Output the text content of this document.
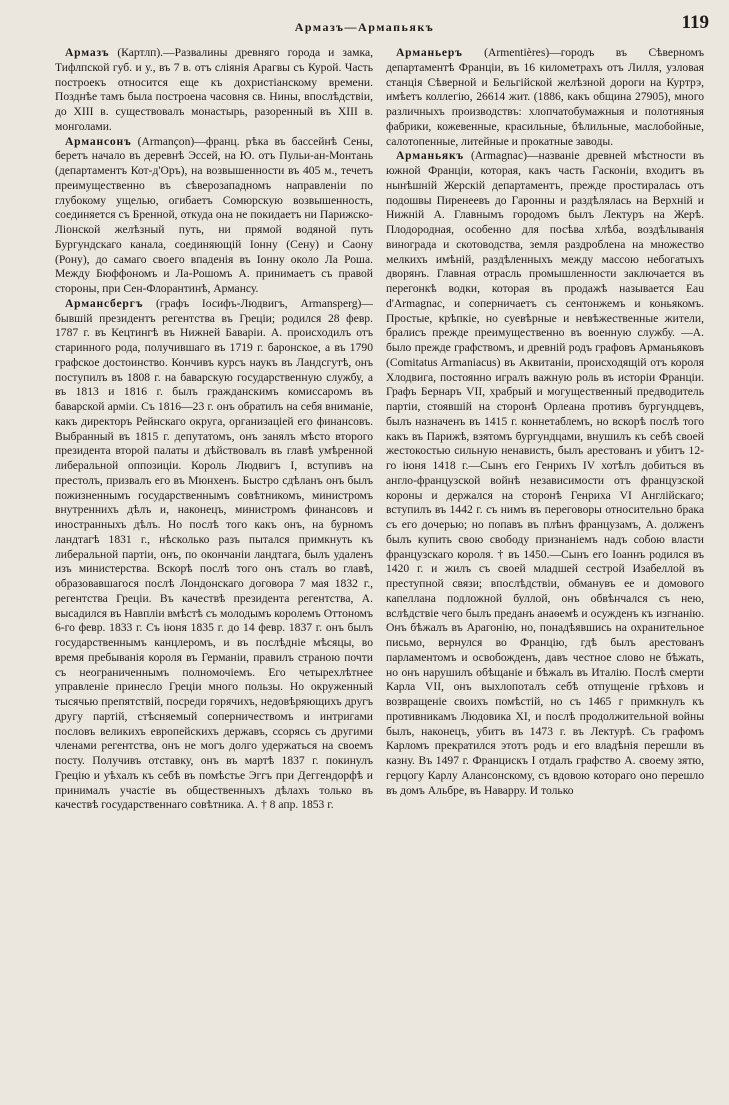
Армазъ—Армапьякъ	119

Армазъ (Картлп).—Развалины древняго города и замка, Тифлпской губ. и у., въ 7 в. отъ сліянія Арагвы съ Курой. Часть построекъ относится еще къ дохристіанскому времени. Позднѣе тамъ была построена часовня св. Нины, впослѣдствіи, до XIII в. существовалъ монастырь, разоренный въ XIII в. монголами.

Армансонъ (Armançon)—франц. рѣка въ бассейнѣ Сены, беретъ начало въ деревнѣ Эссей, на Ю. отъ Пульи-ан-Монтань (департаментъ Кот-д'Оръ), на возвышенности въ 405 м., течетъ преимущественно въ сѣверозападномъ направленіи по глубокому ущелью, огибаетъ Сомюрскую возвышенность, соединяется съ Бренной, откуда она не покидаетъ ни Парижско-Ліонской желѣзный путь, ни прямой водяной путь Бургундскаго канала, соединяющій Іонну (Сену) и Саону (Рону), до самаго своего впаденія въ Іонну около Ла Роша. Между Бюффономъ и Ла-Рошомъ А. принимаетъ съ правой стороны, при Сен-Флорантинѣ, Армансу.

Армансбергъ (графъ Іосифъ-Людвигъ, Armansperg)—бывшій президентъ регентства въ Греціи; родился 28 февр. 1787 г. въ Кецтингѣ въ Нижней Баваріи. А. происходилъ отъ старинного рода, получившаго въ 1719 г. баронское, а въ 1790 графское достоинство. Кончивъ курсъ наукъ въ Ландсгутѣ, онъ поступилъ въ 1808 г. на баварскую государственную службу, а въ 1813 и 1816 г. былъ гражданскимъ комиссаромъ въ баварской арміи. Съ 1816—23 г. онъ обратилъ на себя вниманіе, какъ директоръ Рейнскаго округа, организаціей его финансовъ. Выбранный въ 1815 г. депутатомъ, онъ занялъ мѣсто второго президента второй палаты и дѣйствовалъ въ главѣ умѣренной либеральной оппозиціи. Король Людвигъ I, вступивъ на престолъ, призвалъ его въ Мюнхенъ. Быстро сдѣланъ онъ былъ пожизненнымъ государственнымъ совѣтникомъ, министромъ внутреннихъ дѣлъ и, наконецъ, министромъ финансовъ и иностранныхъ дѣлъ. Но послѣ того какъ онъ, на бурномъ ландтагѣ 1831 г., нѣсколько разъ пытался примкнуть къ либеральной партіи, онъ, по окончаніи ландтага, былъ удаленъ изъ министерства. Вскорѣ послѣ того онъ сталъ во главѣ, образовавшагося послѣ Лондонскаго договора 7 мая 1832 г., регентства Греціи. Въ качествѣ президента регентства, А. высадился въ Навпліи вмѣстѣ съ молодымъ королемъ Оттономъ 6-го февр. 1833 г. Съ іюня 1835 г. до 14 февр. 1837 г. онъ былъ государственнымъ канцлеромъ, и въ послѣдніе мѣсяцы, во время пребыванія короля въ Германіи, правилъ страною почти съ неограниченнымъ полномочіемъ. Его четырехлѣтнее управленіе принесло Греціи много пользы. Но окруженный тысячью препятствій, посреди горячихъ, недовѣряющихъ другъ другу партій, стѣсняемый соперничествомъ и интригами пословъ великихъ европейскихъ державъ, ссорясь съ другими членами регентства, онъ не могъ долго удержаться на своемъ посту. Получивъ отставку, онъ въ мартѣ 1837 г. покинулъ Грецію и уѣхалъ къ себѣ въ помѣстье Эггъ при Деггендорфѣ и принималъ участіе въ общественныхъ дѣлахъ только въ качествѣ государственнаго совѣтника. А. † 8 апр. 1853 г.

Арманьеръ (Armentières)—городъ въ Сѣверномъ департаментѣ Франціи, въ 16 километрахъ отъ Лилля, узловая станція Сѣверной и Бельгійской желѣзной дороги на Куртрэ, имѣетъ коллегію, 26614 жит. (1886, какъ община 27905), много различныхъ производствъ: хлопчатобумажныя и полотняныя фабрики, кожевенные, красильные, бѣлильные, маслобойные, салотопенные, литейные и прокатные заводы.

Арманьякъ (Armagnac)—названіе древней мѣстности въ южной Франціи, которая, какъ часть Гасконіи, входитъ въ нынѣшній Жерскій департаментъ, прежде простиралась отъ подошвы Пиренеевъ до Гаронны и раздѣлялась на Верхній и Нижній А. Главнымъ городомъ былъ Лектуръ на Жерѣ. Плодородная, особенно для посѣва хлѣба, воздѣлыванія винограда и скотоводства, земля раздроблена на множество мелкихъ имѣній, раздѣленныхъ между массою небогатыхъ дворянъ. Главная отрасль промышленности заключается въ перегонкѣ водки, которая въ продажѣ называется Eau d'Armagnac, и соперничаетъ съ сентонжемъ и коньякомъ. Простые, крѣпкіе, но суевѣрные и невѣжественные жители, бралисъ прежде преимущественно въ военную службу. —А. было прежде графствомъ, и древній родъ графовъ Арманьяковъ (Comitatus Armaniacus) въ Аквитаніи, происходящій отъ короля Хлодвига, постоянно игралъ важную роль въ исторіи Франціи. Графъ Бернаръ VII, храбрый и могущественный предводитель партіи, стоявшій на сторонѣ Орлеана противъ бургундцевъ, былъ назначенъ въ 1415 г. коннетаблемъ, но вскорѣ послѣ того какъ въ Парижѣ, взятомъ бургундцами, внушилъ къ себѣ своей жестокостью сильную ненависть, былъ арестованъ и убитъ 12-го іюня 1418 г.—Сынъ его Генрихъ IV хотѣлъ добиться въ англо-французской войнѣ независимости отъ французской короны и держался на сторонѣ Генриха VI Англійскаго; вступилъ въ 1442 г. съ нимъ въ переговоры относительно брака съ его дочерью; но попавъ въ плѣнъ французамъ, А. долженъ былъ купить свою свободу признаніемъ надъ собою власти французскаго короля. † въ 1450.—Сынъ его Іоаннъ родился въ 1420 г. и жилъ съ своей младшей сестрой Изабеллой въ преступной связи; впослѣдствіи, обманувъ ее и домового капеллана подложной буллой, онъ обвѣнчался съ нею, вслѣдствіе чего былъ преданъ анаѳемѣ и осужденъ къ изгнанію. Онъ бѣжалъ въ Арагонію, но, понадѣявшись на охранительное письмо, вернулся во Францію, гдѣ былъ арестованъ парламентомъ и освобожденъ, давъ честное слово не бѣжать, но онъ нарушилъ обѣщаніе и бѣжалъ въ Италію. Послѣ смерти Карла VII, онъ выхлопоталъ себѣ отпущеніе грѣховъ и возвращеніе своихъ помѣстій, но съ 1465 г примкнулъ къ противникамъ Людовика XI, и послѣ продолжительной войны былъ, наконецъ, убитъ въ 1473 г. въ Лектурѣ. Съ графомъ Карломъ прекратился этотъ родъ и его владѣнія перешли въ казну. Въ 1497 г. Францискъ I отдалъ графство А. своему зятю, герцогу Карлу Алансонскому, съ вдовою котораго оно перешло въ домъ Альбре, въ Наварру. И только
